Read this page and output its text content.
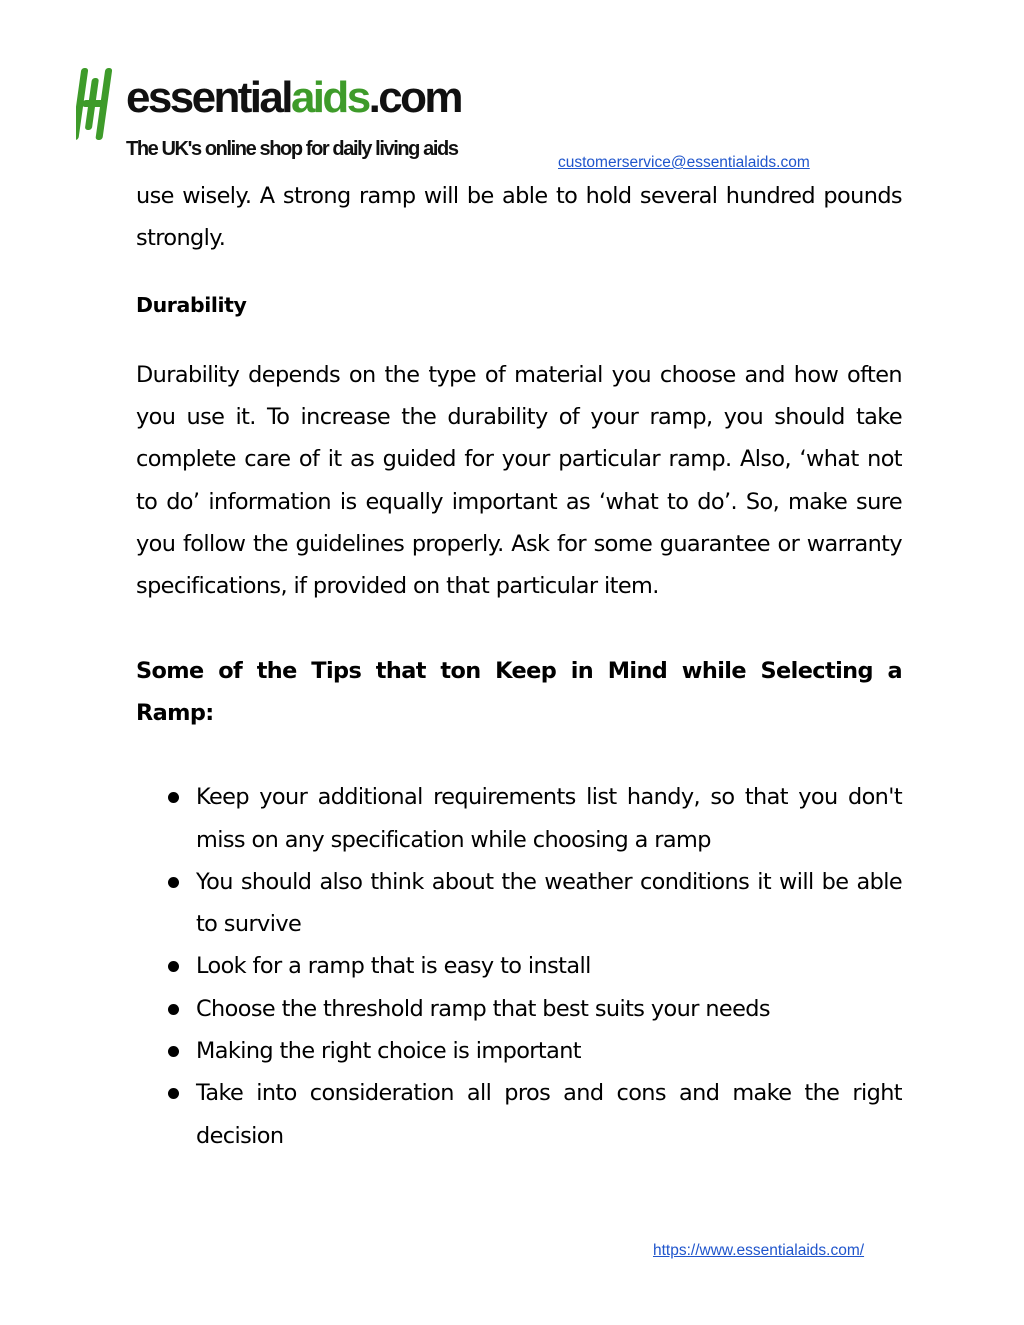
essentialaids.com
The UK's online shop for daily living aids
customerservice@essentialaids.com

use wisely. A strong ramp will be able to hold several hundred pounds strongly.

Durability

Durability depends on the type of material you choose and how often you use it. To increase the durability of your ramp, you should take complete care of it as guided for your particular ramp. Also, ‘what not to do’ information is equally important as ‘what to do’. So, make sure you follow the guidelines properly. Ask for some guarantee or warranty specifications, if provided on that particular item.

Some of the Tips that ton Keep in Mind while Selecting a Ramp:

Keep your additional requirements list handy, so that you don't miss on any specification while choosing a ramp
You should also think about the weather conditions it will be able to survive
Look for a ramp that is easy to install
Choose the threshold ramp that best suits your needs
Making the right choice is important
Take into consideration all pros and cons and make the right decision
https://www.essentialaids.com/
